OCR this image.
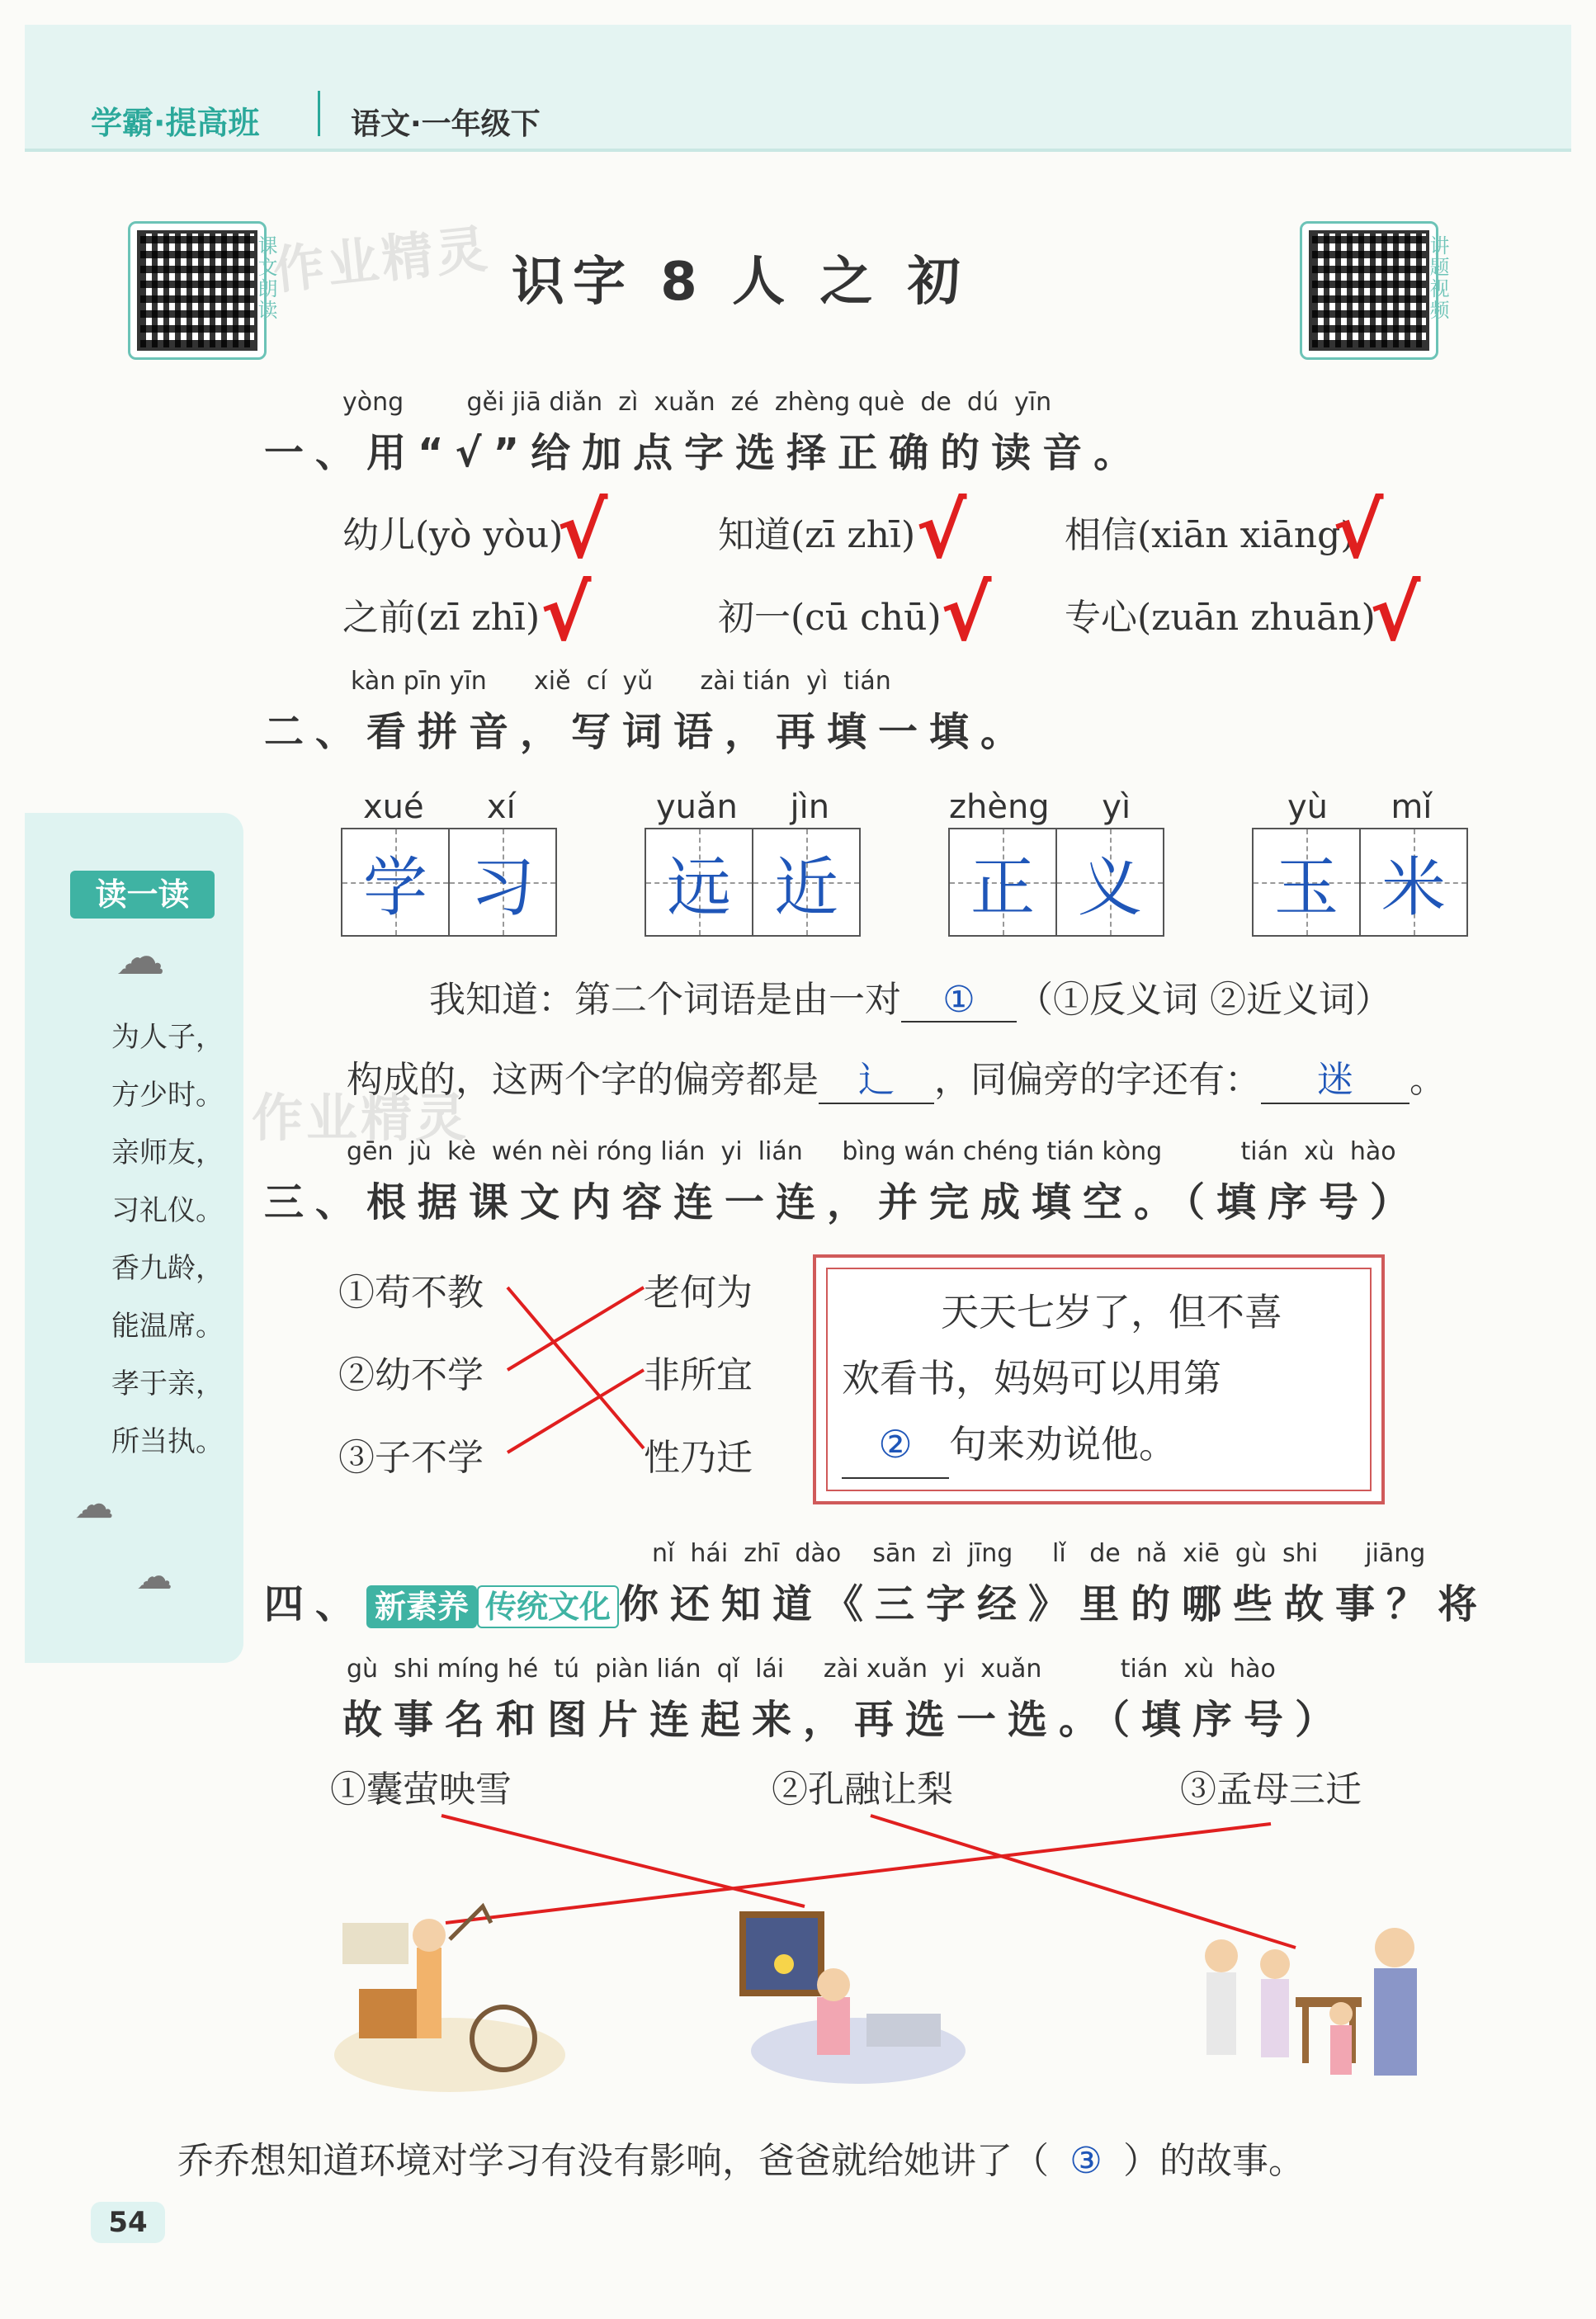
学霸·提高班	语文·一年级下
课文朗读	讲题视频
作业精灵 识字 8 人 之 初
yòng        gěi jiā diǎn  zì  xuǎn  zé  zhèng què  de  dú  yīn
一、用“√”给加点字选择正确的读音。
幼儿(yò yòu)	知道(zī zhī)	相信(xiān xiāng)
之前(zī zhī)	初一(cū chū)	专心(zuān zhuān)
√	√	√
√	√	√
kàn pīn yīn      xiě  cí  yǔ      zài tián  yì  tián
二、看拼音，写词语，再填一填。
xué      xí
学 习
yuǎn     jìn
远 近
zhèng     yì
正 义
yù      mǐ
玉 米
我知道：第二个词语是由一对 ① （①反义词 ②近义词）
构成的，这两个字的偏旁都是 辶 ，同偏旁的字还有： 迷 。
作业精灵
读一读
☁
为人子，
方少时。
亲师友，
习礼仪。
香九龄，
能温席。
孝于亲，
所当执。
☁
☁
gēn  jù  kè  wén nèi róng lián  yi  lián     bìng wán chéng tián kòng          tián  xù  hào
三、根据课文内容连一连，并完成填空。（填序号）
①苟不教
②幼不学
③子不学
老何为
非所宜
性乃迁
天天七岁了，但不喜
欢看书，妈妈可以用第
② 句来劝说他。
nǐ  hái  zhī  dào    sān  zì  jīng     lǐ   de  nǎ  xiē  gù  shi      jiāng
四、 新素养 传统文化 你还知道《三字经》里的哪些故事？将
gù  shi míng hé  tú  piàn lián  qǐ  lái     zài xuǎn  yi  xuǎn          tián  xù  hào
故事名和图片连起来，再选一选。（填序号）
①囊萤映雪	②孔融让梨	③孟母三迁
乔乔想知道环境对学习有没有影响，爸爸就给她讲了（ ③ ）的故事。
54
